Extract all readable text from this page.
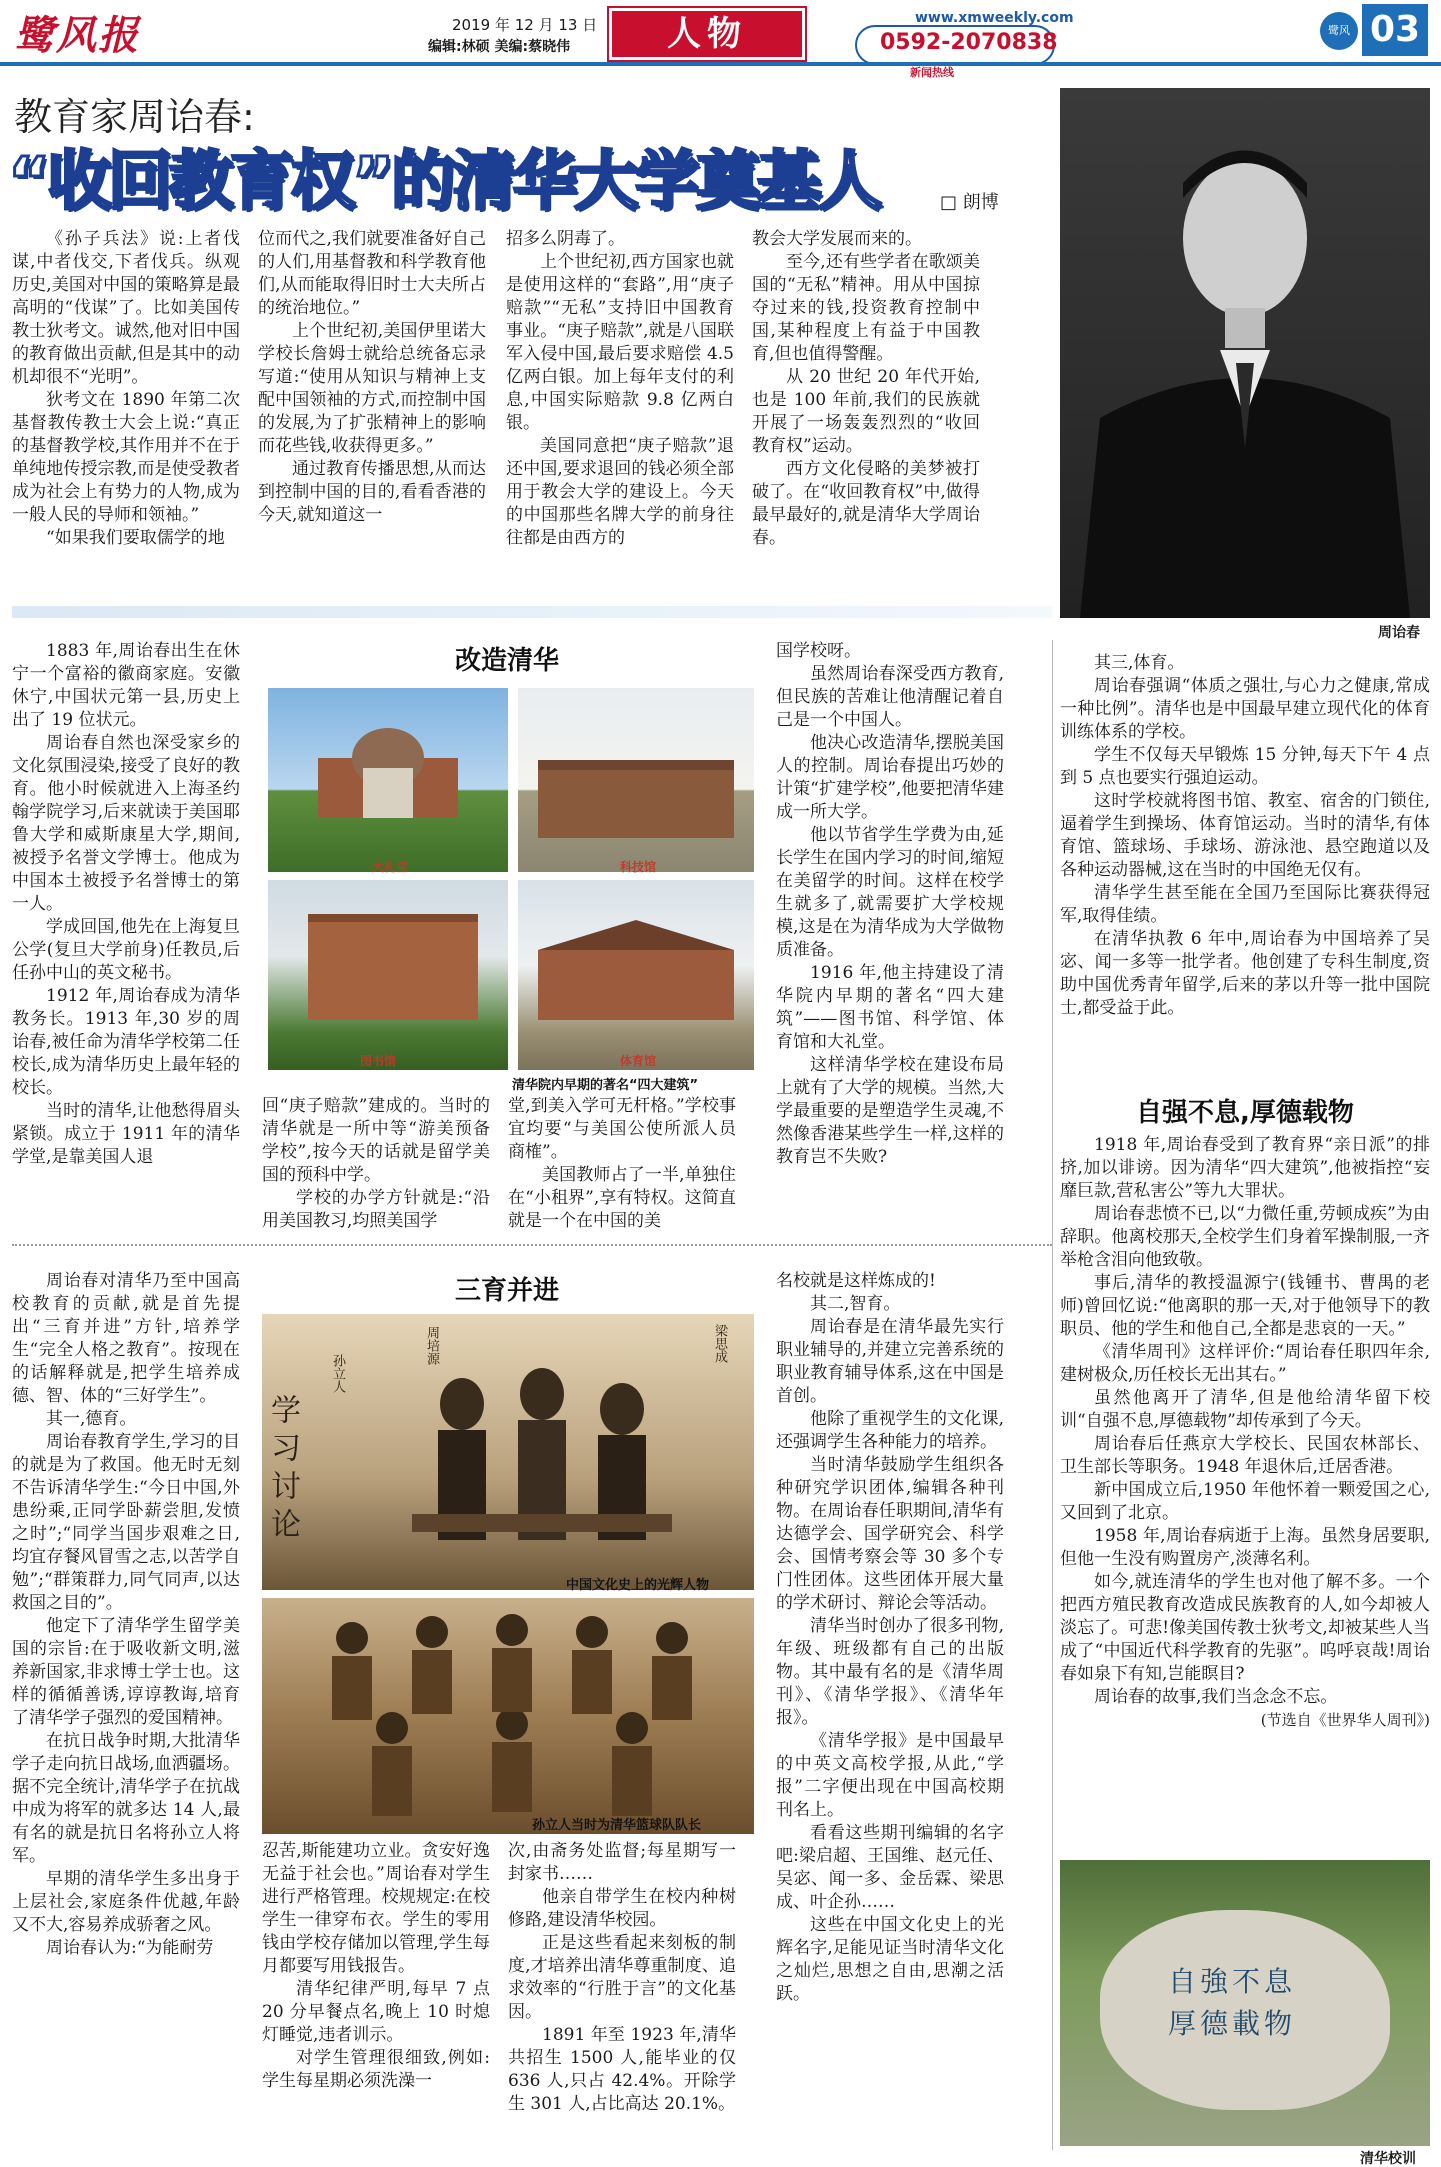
鹭风报	2019 年 12 月 13 日
编辑:林硕 美编:蔡晓伟	人物	www.xmweekly.com
0592-2070838
新闻热线
鹭风 03
教育家周诒春:
“收回教育权”的清华大学奠基人	□ 朗博

《孙子兵法》说:上者伐谋,中者伐交,下者伐兵。纵观历史,美国对中国的策略算是最高明的“伐谋”了。比如美国传教士狄考文。诚然,他对旧中国的教育做出贡献,但是其中的动机却很不“光明”。

狄考文在 1890 年第二次基督教传教士大会上说:“真正的基督教学校,其作用并不在于单纯地传授宗教,而是使受教者成为社会上有势力的人物,成为一般人民的导师和领袖。”

“如果我们要取儒学的地

位而代之,我们就要准备好自己的人们,用基督教和科学教育他们,从而能取得旧时士大夫所占的统治地位。”

上个世纪初,美国伊里诺大学校长詹姆士就给总统备忘录写道:“使用从知识与精神上支配中国领袖的方式,而控制中国的发展,为了扩张精神上的影响而花些钱,收获得更多。”

通过教育传播思想,从而达到控制中国的目的,看看香港的今天,就知道这一

招多么阴毒了。

上个世纪初,西方国家也就是使用这样的“套路”,用“庚子赔款”“无私”支持旧中国教育事业。“庚子赔款”,就是八国联军入侵中国,最后要求赔偿 4.5 亿两白银。加上每年支付的利息,中国实际赔款 9.8 亿两白银。

美国同意把“庚子赔款”退还中国,要求退回的钱必须全部用于教会大学的建设上。今天的中国那些名牌大学的前身往往都是由西方的

教会大学发展而来的。

至今,还有些学者在歌颂美国的“无私”精神。用从中国掠夺过来的钱,投资教育控制中国,某种程度上有益于中国教育,但也值得警醒。

从 20 世纪 20 年代开始,也是 100 年前,我们的民族就开展了一场轰轰烈烈的“收回教育权”运动。

西方文化侵略的美梦被打破了。在“收回教育权”中,做得最早最好的,就是清华大学周诒春。

周诒春
改造清华

1883 年,周诒春出生在休宁一个富裕的徽商家庭。安徽休宁,中国状元第一县,历史上出了 19 位状元。

周诒春自然也深受家乡的文化氛围浸染,接受了良好的教育。他小时候就进入上海圣约翰学院学习,后来就读于美国耶鲁大学和威斯康星大学,期间,被授予名誉文学博士。他成为中国本土被授予名誉博士的第一人。

学成回国,他先在上海复旦公学(复旦大学前身)任教员,后任孙中山的英文秘书。

1912 年,周诒春成为清华教务长。1913 年,30 岁的周诒春,被任命为清华学校第二任校长,成为清华历史上最年轻的校长。

当时的清华,让他愁得眉头紧锁。成立于 1911 年的清华学堂,是靠美国人退

大礼堂	科技馆
图书馆	体育馆
清华院内早期的著名“四大建筑”

回“庚子赔款”建成的。当时的清华就是一所中等“游美预备学校”,按今天的话就是留学美国的预科中学。

学校的办学方针就是:“沿用美国教习,均照美国学

堂,到美入学可无杆格。”学校事宜均要“与美国公使所派人员商榷”。

美国教师占了一半,单独住在“小租界”,享有特权。这简直就是一个在中国的美

国学校呀。

虽然周诒春深受西方教育,但民族的苦难让他清醒记着自己是一个中国人。

他决心改造清华,摆脱美国人的控制。周诒春提出巧妙的计策“扩建学校”,他要把清华建成一所大学。

他以节省学生学费为由,延长学生在国内学习的时间,缩短在美留学的时间。这样在校学生就多了,就需要扩大学校规模,这是在为清华成为大学做物质准备。

1916 年,他主持建设了清华院内早期的著名“四大建筑”——图书馆、科学馆、体育馆和大礼堂。

这样清华学校在建设布局上就有了大学的规模。当然,大学最重要的是塑造学生灵魂,不然像香港某些学生一样,这样的教育岂不失败?

其三,体育。

周诒春强调“体质之强壮,与心力之健康,常成一种比例”。清华也是中国最早建立现代化的体育训练体系的学校。

学生不仅每天早锻炼 15 分钟,每天下午 4 点到 5 点也要实行强迫运动。

这时学校就将图书馆、教室、宿舍的门锁住,逼着学生到操场、体育馆运动。当时的清华,有体育馆、篮球场、手球场、游泳池、悬空跑道以及各种运动器械,这在当时的中国绝无仅有。

清华学生甚至能在全国乃至国际比赛获得冠军,取得佳绩。

在清华执教 6 年中,周诒春为中国培养了吴宓、闻一多等一批学者。他创建了专科生制度,资助中国优秀青年留学,后来的茅以升等一批中国院士,都受益于此。

自强不息,厚德载物

1918 年,周诒春受到了教育界“亲日派”的排挤,加以诽谤。因为清华“四大建筑”,他被指控“妄靡巨款,营私害公”等九大罪状。

周诒春悲愤不已,以“力微任重,劳顿成疾”为由辞职。他离校那天,全校学生们身着军操制服,一齐举枪含泪向他致敬。

事后,清华的教授温源宁(钱锺书、曹禺的老师)曾回忆说:“他离职的那一天,对于他领导下的教职员、他的学生和他自己,全都是悲哀的一天。”

《清华周刊》这样评价:“周诒春任职四年余,建树极众,历任校长无出其右。”

虽然他离开了清华,但是他给清华留下校训“自强不息,厚德载物”却传承到了今天。

周诒春后任燕京大学校长、民国农林部长、卫生部长等职务。1948 年退休后,迁居香港。

新中国成立后,1950 年他怀着一颗爱国之心,又回到了北京。

1958 年,周诒春病逝于上海。虽然身居要职,但他一生没有购置房产,淡薄名利。

如今,就连清华的学生也对他了解不多。一个把西方殖民教育改造成民族教育的人,如今却被人淡忘了。可悲!像美国传教士狄考文,却被某些人当成了“中国近代科学教育的先驱”。呜呼哀哉!周诒春如泉下有知,岂能瞑目?

周诒春的故事,我们当念念不忘。

(节选自《世界华人周刊》)

自強不息
厚德載物
清华校训
三育并进

周诒春对清华乃至中国高校教育的贡献,就是首先提出“三育并进”方针,培养学生“完全人格之教育”。按现在的话解释就是,把学生培养成德、智、体的“三好学生”。

其一,德育。

周诒春教育学生,学习的目的就是为了救国。他无时无刻不告诉清华学生:“今日中国,外患纷乘,正同学卧薪尝胆,发愤之时”;“同学当国步艰难之日,均宜存餐风冒雪之志,以苦学自勉”;“群策群力,同气同声,以达救国之目的”。

他定下了清华学生留学美国的宗旨:在于吸收新文明,滋养新国家,非求博士学士也。这样的循循善诱,谆谆教诲,培育了清华学子强烈的爱国精神。

在抗日战争时期,大批清华学子走向抗日战场,血洒疆场。据不完全统计,清华学子在抗战中成为将军的就多达 14 人,最有名的就是抗日名将孙立人将军。

早期的清华学生多出身于上层社会,家庭条件优越,年龄又不大,容易养成骄奢之风。

周诒春认为:“为能耐劳

学习讨论
孙立人
周培源	梁思成
中国文化史上的光辉人物
孙立人当时为清华篮球队队长

忍苦,斯能建功立业。贪安好逸无益于社会也。”周诒春对学生进行严格管理。校规规定:在校学生一律穿布衣。学生的零用钱由学校存储加以管理,学生每月都要写用钱报告。

清华纪律严明,每早 7 点 20 分早餐点名,晚上 10 时熄灯睡觉,违者训示。

对学生管理很细致,例如:学生每星期必须洗澡一

次,由斋务处监督;每星期写一封家书……

他亲自带学生在校内种树修路,建设清华校园。

正是这些看起来刻板的制度,才培养出清华尊重制度、追求效率的“行胜于言”的文化基因。

1891 年至 1923 年,清华共招生 1500 人,能毕业的仅 636 人,只占 42.4%。开除学生 301 人,占比高达 20.1%。

名校就是这样炼成的!

其二,智育。

周诒春是在清华最先实行职业辅导的,并建立完善系统的职业教育辅导体系,这在中国是首创。

他除了重视学生的文化课,还强调学生各种能力的培养。

当时清华鼓励学生组织各种研究学识团体,编辑各种刊物。在周诒春任职期间,清华有达德学会、国学研究会、科学会、国情考察会等 30 多个专门性团体。这些团体开展大量的学术研讨、辩论会等活动。

清华当时创办了很多刊物,年级、班级都有自己的出版物。其中最有名的是《清华周刊》、《清华学报》、《清华年报》。

《清华学报》是中国最早的中英文高校学报,从此,“学报”二字便出现在中国高校期刊名上。

看看这些期刊编辑的名字吧:梁启超、王国维、赵元任、吴宓、闻一多、金岳霖、梁思成、叶企孙……

这些在中国文化史上的光辉名字,足能见证当时清华文化之灿烂,思想之自由,思潮之活跃。
